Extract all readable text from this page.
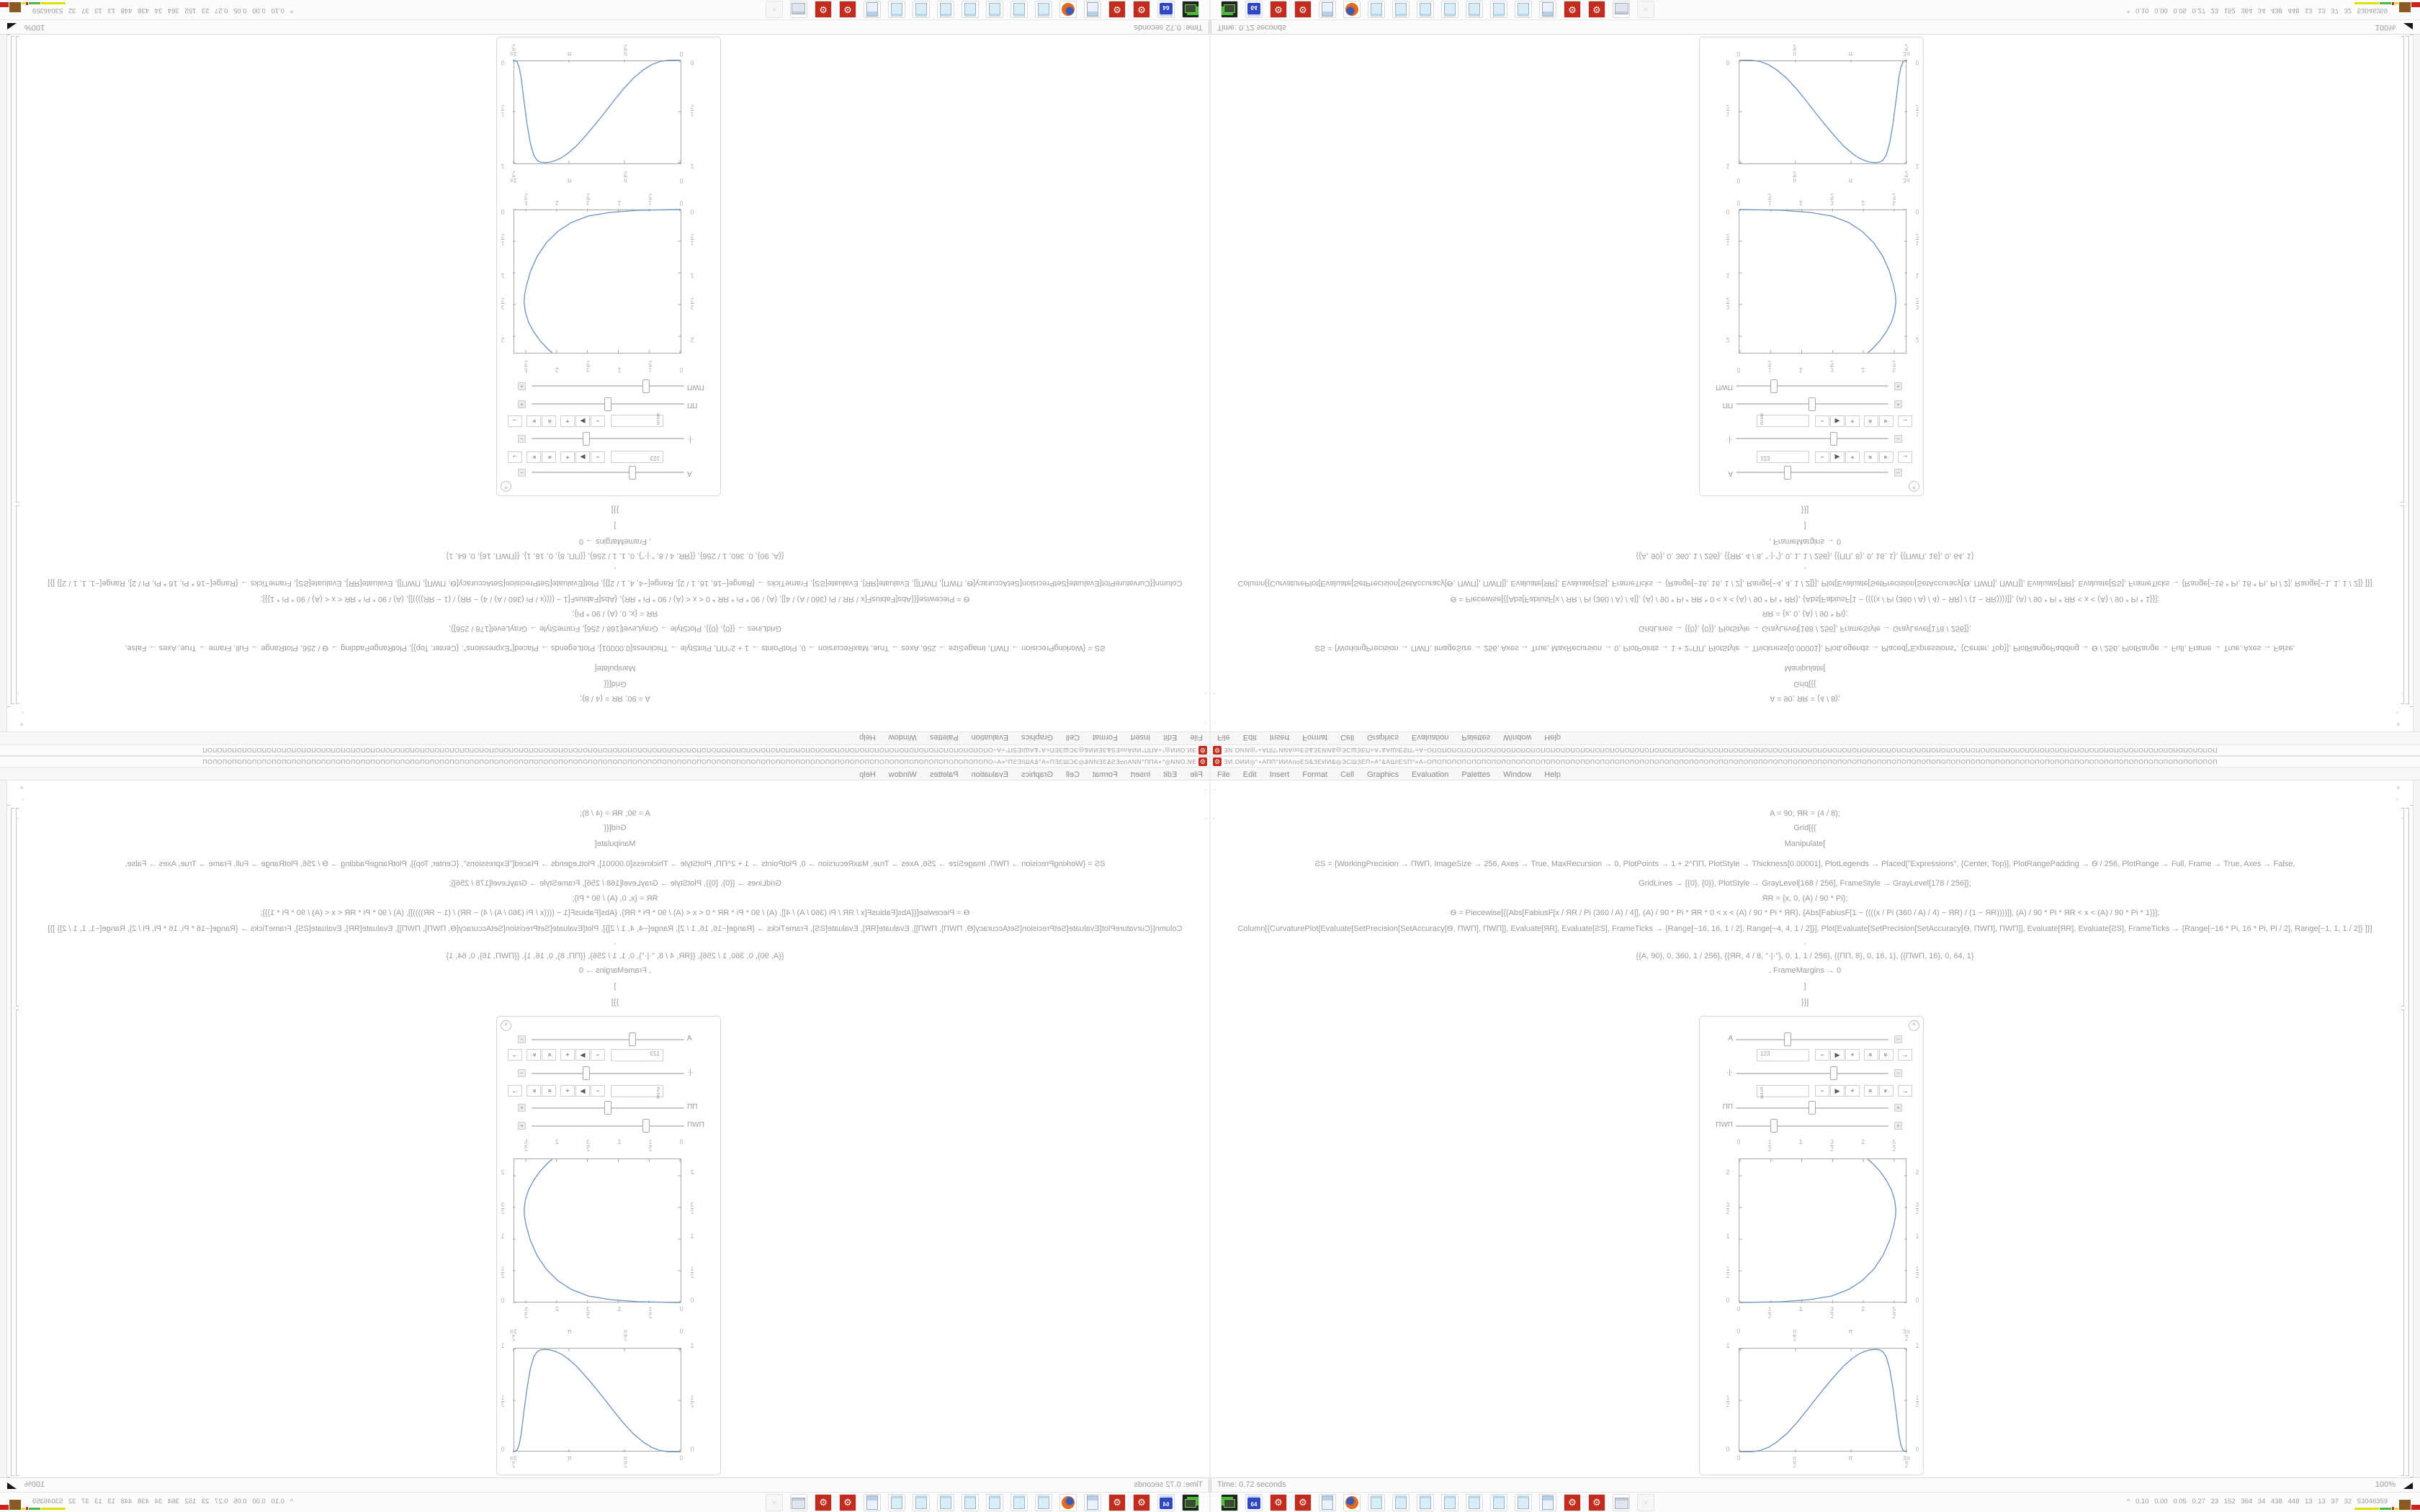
⚙ ƎИ.ОИИ◎°+АПП°ИИАпоЕЅ&ЗЕИИ&◎ЭСШЗЕП=А°&АШІЕЅП°=А÷ОПОПОПОПОПОПОПОПОПОПОПОПОПОПОПОПОПОПОПОПОПОПОПОПОПОПОПОПОПОПОПОПОПОПОПОПОПОПОПОПОПОПОПОПОПОПОПОПОПОПОПОПОПОПОПОПОПОПОПОПОПОПОПОПОПОПОПОПОПОПОПОПОПОПОПОПОПОПОПОП
File Edit Insert Format Cell Graphics Evaluation Palettes Window Help
A = 90; ЯR = (4 / 8);
Grid[{{
Manipulate[
ƧS = {WorkingPrecision → ПWП, ImageSize → 256, Axes → True, MaxRecursion → 0, PlotPoints → 1 + 2^ПП, PlotStyle → Thickness[0.00001], PlotLegends → Placed["Expressions", {Center, Top}], PlotRangePadding → Ѳ / 256, PlotRange → Full, Frame → True, Axes → False,
GridLines → {{0}, {0}}, PlotStyle → GrayLevel[168 / 256], FrameStyle → GrayLevel[178 / 256]};
ЯR = {x, 0, (A) / 90 * Pi};
Ѳ = Piecewise[{{Abs[FabiusF[x / ЯR / Pi (360 / A) / 4]], (A) / 90 * Pi * ЯR * 0 < x < (A) / 90 * Pi * ЯR}, {Abs[FabiusF[1 − ((((x / Pi (360 / A) / 4) − ЯR) / (1 − ЯR))))]], (A) / 90 * Pi * ЯR < x < (A) / 90 * Pi * 1}}];
Column[{CurvaturePlot[Evaluate[SetPrecision[SetAccuracy[Ѳ, ПWП], ПWП]], Evaluate[ЯR], Evaluate[ƧS], FrameTicks → {Range[−16, 16, 1 / 2], Range[−4, 4, 1 / 2]}], Plot[Evaluate[SetPrecision[SetAccuracy[Ѳ, ПWП], ПWП]], Evaluate[ЯR], Evaluate[ƧS], FrameTicks → {Range[−16 * Pi, 16 * Pi, Pi / 2], Range[−1, 1, 1 / 2]} ]}]
,
{{A, 90}, 0, 360, 1 / 256}, {{ЯR, 4 / 8, "·|·"}, 0, 1, 1 / 256}, {{ПП, 8}, 0, 16, 1}, {{ПWП, 16}, 0, 64, 1}
, FrameMargins → 0
]
}}]
+
A	−
123	−	▶	+	«	»	→
·|·	−
$\frac{5}{8}$	−	▶	+	«	»	→
ПП	+
ПWП	+
0
0
$\frac{1}{2}$
$\frac{1}{2}$
1
1
$\frac{3}{2}$
$\frac{3}{2}$
2
2
$\frac{5}{2}$
$\frac{5}{2}$
0	0
$\frac{1}{2}$	$\frac{1}{2}$
1	1
$\frac{3}{2}$	$\frac{3}{2}$
2	2
0
0
$\frac{\pi}{2}$
$\frac{\pi}{2}$
π
π
$\frac{3\pi}{2}$
$\frac{3\pi}{2}$
0	0
$\frac{1}{2}$	$\frac{1}{2}$
1	1
×
▫
ˆ
ˇ
·
Time: 0.72 seconds	100%
64	⚙	⚙	⚙	⚙	×	^ 0.10 0.00 0.05 0.27 23 152 364 34 438 448 13 13 37 32 53046359
⚙
ƎИ.ОИИ◎°+АПП°ИИАпоЕЅ&ЗЕИИ&◎ЭСШЗЕП=А°&АШІЕЅП°=А÷ОПОПОПОПОПОПОПОПОПОПОПОПОПОПОПОПОПОПОПОПОПОПОПОПОПОПОПОПОПОПОПОПОПОПОПОПОПОПОПОПОПОПОПОПОПОПОПОПОПОПОПОПОПОПОПОПОПОПОПОПОПОПОПОПОПОПОПОПОПОПОПОПОПОПОПОПОПОПОПОП
FileEditInsertFormatCellGraphicsEvaluationPalettesWindowHelp
A = 90; ЯR = (4 / 8);
Grid[{{
Manipulate[
ƧS = {WorkingPrecision → ПWП, ImageSize → 256, Axes → True, MaxRecursion → 0, PlotPoints → 1 + 2^ПП, PlotStyle → Thickness[0.00001], PlotLegends → Placed["Expressions", {Center, Top}], PlotRangePadding → Ѳ / 256, PlotRange → Full, Frame → True, Axes → False,
GridLines → {{0}, {0}}, PlotStyle → GrayLevel[168 / 256], FrameStyle → GrayLevel[178 / 256]};
ЯR = {x, 0, (A) / 90 * Pi};
Ѳ = Piecewise[{{Abs[FabiusF[x / ЯR / Pi (360 / A) / 4]], (A) / 90 * Pi * ЯR * 0 < x < (A) / 90 * Pi * ЯR}, {Abs[FabiusF[1 − ((((x / Pi (360 / A) / 4) − ЯR) / (1 − ЯR))))]], (A) / 90 * Pi * ЯR < x < (A) / 90 * Pi * 1}}];
Column[{CurvaturePlot[Evaluate[SetPrecision[SetAccuracy[Ѳ, ПWП], ПWП]], Evaluate[ЯR], Evaluate[ƧS], FrameTicks → {Range[−16, 16, 1 / 2], Range[−4, 4, 1 / 2]}], Plot[Evaluate[SetPrecision[SetAccuracy[Ѳ, ПWП], ПWП]], Evaluate[ЯR], Evaluate[ƧS], FrameTicks → {Range[−16 * Pi, 16 * Pi, Pi / 2], Range[−1, 1, 1 / 2]} ]}]
,
{{A, 90}, 0, 360, 1 / 256}, {{ЯR, 4 / 8, "·|·"}, 0, 1, 1 / 256}, {{ПП, 8}, 0, 16, 1}, {{ПWП, 16}, 0, 64, 1}
, FrameMargins → 0
]
}}]
+
A
−
123
−
▶
+
«
»
→
·|·
−
$\frac{5}{8}$
−
▶
+
«
»
→
ПП
+
ПWП
+
0
0
$\frac{1}{2}$
$\frac{1}{2}$
1
1
$\frac{3}{2}$
$\frac{3}{2}$
2
2
$\frac{5}{2}$
$\frac{5}{2}$
0
0
$\frac{1}{2}$
$\frac{1}{2}$
1
1
$\frac{3}{2}$
$\frac{3}{2}$
2
2
0
0
$\frac{\pi}{2}$
$\frac{\pi}{2}$
π
π
$\frac{3\pi}{2}$
$\frac{3\pi}{2}$
0
0
$\frac{1}{2}$
$\frac{1}{2}$
1
1
×
▫
ˆ	ˇ
·
Time: 0.72 seconds
100%
64
⚙
⚙
⚙
⚙
×
^ 0.10 0.00 0.05 0.27 23 152 364 34 438 448 13 13 37 32 53046359
⚙ ƎИ.ОИИ◎°+АПП°ИИАпоЕЅ&ЗЕИИ&◎ЭСШЗЕП=А°&АШІЕЅП°=А÷ОПОПОПОПОПОПОПОПОПОПОПОПОПОПОПОПОПОПОПОПОПОПОПОПОПОПОПОПОПОПОПОПОПОПОПОПОПОПОПОПОПОПОПОПОПОПОПОПОПОПОПОПОПОПОПОПОПОПОПОПОПОПОПОПОПОПОПОПОПОПОПОПОПОПОПОПОПОПОПОП
File Edit Insert Format Cell Graphics Evaluation Palettes Window Help
A = 90; ЯR = (4 / 8);
Grid[{{
Manipulate[
ƧS = {WorkingPrecision → ПWП, ImageSize → 256, Axes → True, MaxRecursion → 0, PlotPoints → 1 + 2^ПП, PlotStyle → Thickness[0.00001], PlotLegends → Placed["Expressions", {Center, Top}], PlotRangePadding → Ѳ / 256, PlotRange → Full, Frame → True, Axes → False,
GridLines → {{0}, {0}}, PlotStyle → GrayLevel[168 / 256], FrameStyle → GrayLevel[178 / 256]};
ЯR = {x, 0, (A) / 90 * Pi};
Ѳ = Piecewise[{{Abs[FabiusF[x / ЯR / Pi (360 / A) / 4]], (A) / 90 * Pi * ЯR * 0 < x < (A) / 90 * Pi * ЯR}, {Abs[FabiusF[1 − ((((x / Pi (360 / A) / 4) − ЯR) / (1 − ЯR))))]], (A) / 90 * Pi * ЯR < x < (A) / 90 * Pi * 1}}];
Column[{CurvaturePlot[Evaluate[SetPrecision[SetAccuracy[Ѳ, ПWП], ПWП]], Evaluate[ЯR], Evaluate[ƧS], FrameTicks → {Range[−16, 16, 1 / 2], Range[−4, 4, 1 / 2]}], Plot[Evaluate[SetPrecision[SetAccuracy[Ѳ, ПWП], ПWП]], Evaluate[ЯR], Evaluate[ƧS], FrameTicks → {Range[−16 * Pi, 16 * Pi, Pi / 2], Range[−1, 1, 1 / 2]} ]}]
,
{{A, 90}, 0, 360, 1 / 256}, {{ЯR, 4 / 8, "·|·"}, 0, 1, 1 / 256}, {{ПП, 8}, 0, 16, 1}, {{ПWП, 16}, 0, 64, 1}
, FrameMargins → 0
]
}}]
+
A	−
123	−	▶	+	«	»	→
·|·	−
5
8
−	▶	+	«	»	→
ПП	+
ПWП	+
0
0
1
2
1
2
1
1
3
2
3
2
2
2
5
2
5
2
0	0
1
2
1
2
1	1
3
2
3
2
2	2
0
0
π
2
π
2
π
π
3π
2
3π
2
0	0
1
2
1
2
1	1
×
▫
ˆ
ˇ
·
Time: 0.72 seconds	100%
64	⚙	⚙	⚙	⚙	×	^ 0.10 0.00 0.05 0.27 23 152 364 34 438 448 13 13 37 32 53046359
⚙
ƎИ.ОИИ◎°+АПП°ИИАпоЕЅ&ЗЕИИ&◎ЭСШЗЕП=А°&АШІЕЅП°=А÷ОПОПОПОПОПОПОПОПОПОПОПОПОПОПОПОПОПОПОПОПОПОПОПОПОПОПОПОПОПОПОПОПОПОПОПОПОПОПОПОПОПОПОПОПОПОПОПОПОПОПОПОПОПОПОПОПОПОПОПОПОПОПОПОПОПОПОПОПОПОПОПОПОПОПОПОПОПОПОПОП
FileEditInsertFormatCellGraphicsEvaluationPalettesWindowHelp
A = 90; ЯR = (4 / 8);
Grid[{{
Manipulate[
ƧS = {WorkingPrecision → ПWП, ImageSize → 256, Axes → True, MaxRecursion → 0, PlotPoints → 1 + 2^ПП, PlotStyle → Thickness[0.00001], PlotLegends → Placed["Expressions", {Center, Top}], PlotRangePadding → Ѳ / 256, PlotRange → Full, Frame → True, Axes → False,
GridLines → {{0}, {0}}, PlotStyle → GrayLevel[168 / 256], FrameStyle → GrayLevel[178 / 256]};
ЯR = {x, 0, (A) / 90 * Pi};
Ѳ = Piecewise[{{Abs[FabiusF[x / ЯR / Pi (360 / A) / 4]], (A) / 90 * Pi * ЯR * 0 < x < (A) / 90 * Pi * ЯR}, {Abs[FabiusF[1 − ((((x / Pi (360 / A) / 4) − ЯR) / (1 − ЯR))))]], (A) / 90 * Pi * ЯR < x < (A) / 90 * Pi * 1}}];
Column[{CurvaturePlot[Evaluate[SetPrecision[SetAccuracy[Ѳ, ПWП], ПWП]], Evaluate[ЯR], Evaluate[ƧS], FrameTicks → {Range[−16, 16, 1 / 2], Range[−4, 4, 1 / 2]}], Plot[Evaluate[SetPrecision[SetAccuracy[Ѳ, ПWП], ПWП]], Evaluate[ЯR], Evaluate[ƧS], FrameTicks → {Range[−16 * Pi, 16 * Pi, Pi / 2], Range[−1, 1, 1 / 2]} ]}]
,
{{A, 90}, 0, 360, 1 / 256}, {{ЯR, 4 / 8, "·|·"}, 0, 1, 1 / 256}, {{ПП, 8}, 0, 16, 1}, {{ПWП, 16}, 0, 64, 1}
, FrameMargins → 0
]
}}]
+
A
−
123
−
▶
+
«
»
→
·|·
−
5
8
−
▶
+
«
»
→
ПП
+
ПWП
+
0
0
1
2
1
2
1
1
3
2
3
2
2
2
5
2
5
2
0
0
1
2
1
2
1
1
3
2
3
2
2
2
0
0
π
2
π
2
π
π
3π
2
3π
2
0
0
1
2
1
2
1
1
×
▫
ˆ	ˇ
·
Time: 0.72 seconds
100%
64
⚙
⚙
⚙
⚙
×
^ 0.10 0.00 0.05 0.27 23 152 364 34 438 448 13 13 37 32 53046359
